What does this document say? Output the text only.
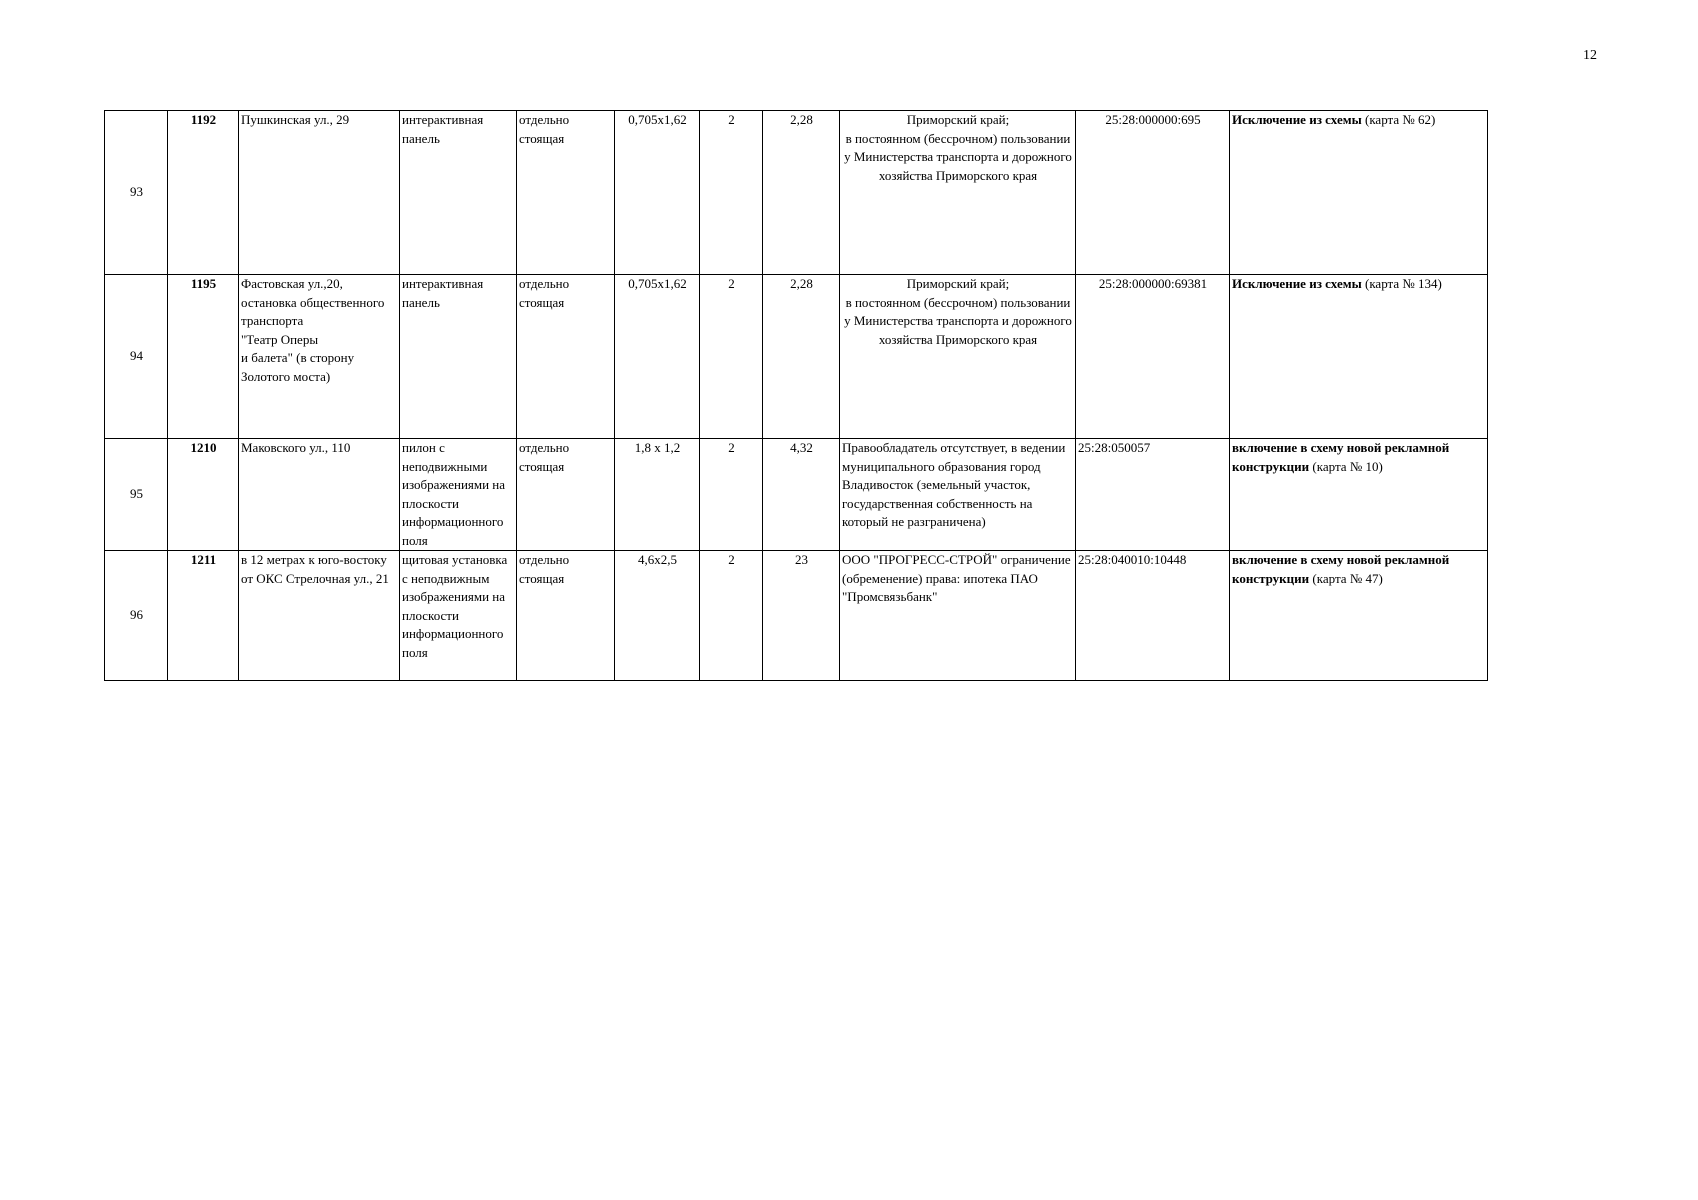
12
93	1192	Пушкинская ул., 29	интерактивная панель	отдельно стоящая	0,705х1,62	2	2,28	Приморский край;
в постоянном (бессрочном) пользовании у Министерства транспорта и дорожного хозяйства Приморского края	25:28:000000:695	Исключение из схемы (карта № 62)
94	1195	Фастовская ул.,20,
остановка общественного транспорта
"Театр Оперы
и балета" (в сторону Золотого моста)	интерактивная панель	отдельно стоящая	0,705х1,62	2	2,28	Приморский край;
в постоянном (бессрочном) пользовании у Министерства транспорта и дорожного хозяйства Приморского края	25:28:000000:69381	Исключение из схемы (карта № 134)
95	1210	Маковского ул., 110	пилон с неподвижными изображениями на плоскости информационного поля	отдельно стоящая	1,8 х 1,2	2	4,32	Правообладатель отсутствует, в ведении муниципального образования город Владивосток (земельный участок, государственная собственность на который не разграничена)	25:28:050057	включение в схему новой рекламной конструкции (карта № 10)
96	1211	в 12 метрах к юго-востоку от ОКС Стрелочная ул., 21	щитовая установка с неподвижным изображениями на плоскости информационного поля	отдельно стоящая	4,6х2,5	2	23	ООО "ПРОГРЕСС-СТРОЙ" ограничение (обременение) права: ипотека ПАО "Промсвязьбанк"	25:28:040010:10448	включение в схему новой рекламной конструкции (карта № 47)
